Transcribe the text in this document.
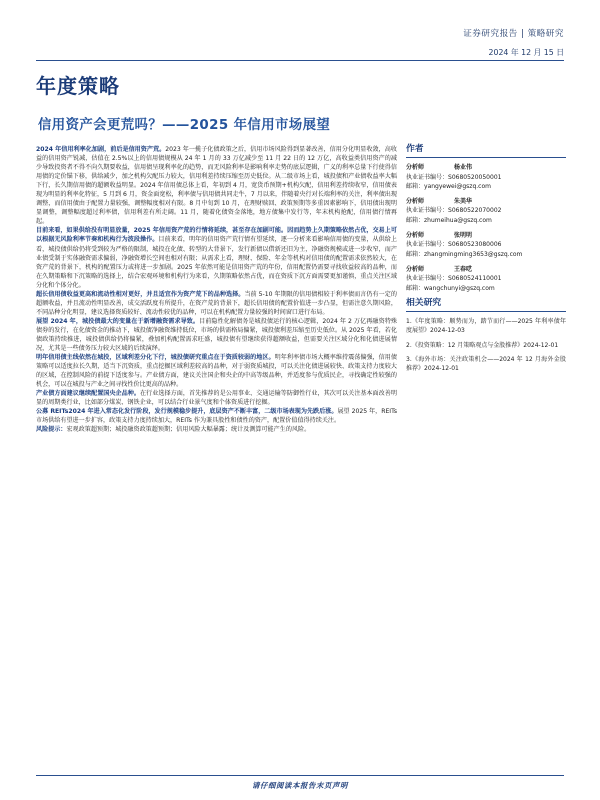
证券研究报告 | 策略研究
2024 年 12 月 15 日
年度策略
信用资产会更荒吗？——2025 年信用市场展望

2024 年信用利率化加剧，前后是信用资产荒。2023 年一揽子化债政策之后，信用市场风险得到显著改善，信用分化明显收敛，高收益的信用资产锐减，估值在 2.5%以上的信用债规模从 24 年 1 月的 33 万亿减少至 11 月 22 日的 12 万亿，高收益类信用资产的减少导致投资者不得不向久期要收益，信用债呈现利率化的趋势，而无风险利率是影响利率走势的底层逻辑，广义的利率总量下行使得信用债的定价锚下移，供给减少，加之机构欠配压力较大，信用利差持续压缩至历史低位。从二级市场上看，城投债和产业债收益率大幅下行，长久期信用债的超额收益明显。2024 年信用债总体上看，年初到 4 月，宽货币预期+机构欠配，信用利差持续收窄，信用债表现为明显的利率化特征，5 月到 6 月，资金面宽松，利率债与信用债共同走牛，7 月以来，伴随着央行对长端利率的关注，利率债出现调整，而信用债由于配置力量较强，调整幅度相对有限。8 月中旬到 10 月，在理财赎回、政策预期等多重因素影响下，信用债出现明显调整，调整幅度超过利率债，信用利差有所走阔。11 月，随着化债资金落地，地方债集中发行等，年末机构抢配，信用债行情再起。

目前来看，如果供给没有明显放量，2025 年信用资产荒的行情将延续，甚至存在加剧可能。因而趋势上久期策略依然占优，交易上可以根据无风险利率节奏和机构行为波段操作。目前来看，明年的信用资产荒行情有望延续，逐一分析来看影响信用债的变量，从供给上看，城投债供给仍将受到较为严格的限制，城投在化债、转型的大背景下，发行新债以借新还旧为主，净融资规模或进一步收窄，而产业债受制于实体融资需求偏弱，净融资增长空间也相对有限；从需求上看，理财、保险、年金等机构对信用债的配置需求依然较大，在资产荒的背景下，机构的配置压力或将进一步加剧。2025 年依然可能是信用资产荒的年份，信用配置仍需要寻找收益较高的品种，而在久期策略和下沉策略的选择上，结合宏观环境和机构行为来看，久期策略依然占优，而在资质下沉方面需要更加谨慎，重点关注区域分化和个体分化。

超长信用债收益更高和流动性相对更好，并且适宜作为资产荒下的品种选择。当前 5-10 年期限的信用债相较于利率债而言仍有一定的超额收益，并且流动性明显改善，成交活跃度有所提升，在资产荒的背景下，超长信用债的配置价值进一步凸显，但需注意久期风险，不同品种分化明显，建议选择资质较好、流动性较优的品种，可以在机构配置力量较强的时间窗口进行布局。

展望 2024 年，城投债最大的变量在于新增融资需求导致。目前隐性化解债务是城投债运行的核心逻辑，2024 年 2 万亿再融资特殊债券的发行，在化债资金的推动下，城投债净融资维持低位，市场的供需格局偏紧，城投债利差压缩至历史低位。从 2025 年看，若化债政策持续推进，城投债供给仍将偏紧，叠加机构配置需求旺盛，城投债有望继续获得超额收益，但需要关注区域分化和化债进展情况，尤其是一些债务压力较大区域的后续演绎。

明年信用债主线依然在城投，区域利差分化下行，城投债研究重点在于资质较弱的地区。明年利率债市场大概率维持震荡偏强，信用债策略可以适度拉长久期，适当下沉资质，重点挖掘区域利差较高的品种，对于弱资质城投，可以关注化债进展较快、政策支持力度较大的区域，在控制风险的前提下适度参与。产业债方面，建议关注国企和央企的中高等级品种，并适度参与优质民企，寻找确定性较强的机会，可以在城投与产业之间寻找性价比更高的品种。

产业债方面建议继续配置国央企品种。在行业选择方面，首先推荐的是公用事业、交通运输等防御性行业，其次可以关注基本面改善明显的周期类行业，比如部分煤炭、钢铁企业，可以结合行业景气度和个体资质进行挖掘。

公募 REITs2024 年进入常态化发行阶段，发行规模稳步提升，底层资产不断丰富，二级市场表现为先跌后涨。展望 2025 年，REITs 市场供给有望进一步扩容，政策支持力度持续加大，REITs 作为兼具股性和债性的资产，配置价值值得持续关注。

风险提示：宏观政策超预期；城投融资政策超预期；信用风险大幅暴露；统计及测算可能产生的风险。

作者
分析师	杨业伟
执业证书编号：S0680520050001
邮箱：yangyewei@gszq.com
分析师	朱美华
执业证书编号：S0680522070002
邮箱：zhumeihua@gszq.com
分析师	张明明
执业证书编号：S0680523080006
邮箱：zhangmingming3653@gszq.com
分析师	王春呓
执业证书编号：S0680524110001
邮箱：wangchunyi@gszq.com
相关研究
1.《年度策略：顺势而为，踏节而行——2025 年利率债年度展望》2024-12-03
2.《投资策略：12 月策略观点与金股推荐》2024-12-01
3.《海外市场：关注政策机会——2024 年 12 月海外金股推荐》2024-12-01
请仔细阅读本报告末页声明
